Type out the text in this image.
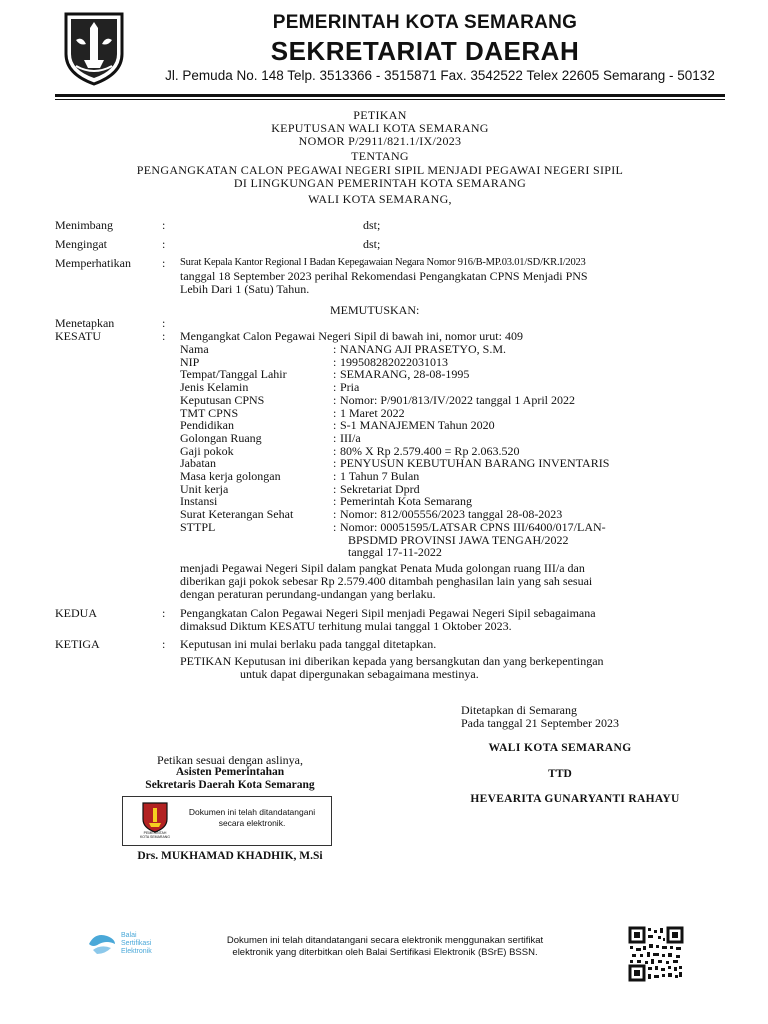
PEMERINTAH KOTA SEMARANG
SEKRETARIAT DAERAH
Jl. Pemuda No. 148 Telp. 3513366 - 3515871 Fax. 3542522 Telex 22605 Semarang - 50132
PETIKAN
KEPUTUSAN WALI KOTA SEMARANG
NOMOR P/2911/821.1/IX/2023
TENTANG
PENGANGKATAN CALON PEGAWAI NEGERI SIPIL MENJADI PEGAWAI NEGERI SIPIL
DI LINGKUNGAN PEMERINTAH KOTA SEMARANG
WALI KOTA SEMARANG,
Menimbang	:	dst;
Mengingat	:	dst;
Memperhatikan	: Surat Kepala Kantor Regional I Badan Kepegawaian Negara Nomor 916/B-MP.03.01/SD/KR.I/2023
tanggal 18 September 2023 perihal Rekomendasi Pengangkatan CPNS Menjadi PNS
Lebih Dari 1 (Satu) Tahun.
MEMUTUSKAN:
Menetapkan	:
KESATU	: Mengangkat Calon Pegawai Negeri Sipil di bawah ini, nomor urut: 409
Nama	: NANANG AJI PRASETYO, S.M.
NIP	: 199508282022031013
Tempat/Tanggal Lahir	: SEMARANG, 28-08-1995
Jenis Kelamin	: Pria
Keputusan CPNS	: Nomor: P/901/813/IV/2022 tanggal 1 April 2022
TMT CPNS	: 1 Maret 2022
Pendidikan	: S-1 MANAJEMEN Tahun 2020
Golongan Ruang	: III/a
Gaji pokok	: 80% X Rp 2.579.400 = Rp 2.063.520
Jabatan	: PENYUSUN KEBUTUHAN BARANG INVENTARIS
Masa kerja golongan	: 1 Tahun 7 Bulan
Unit kerja	: Sekretariat Dprd
Instansi	: Pemerintah Kota Semarang
Surat Keterangan Sehat	: Nomor: 812/005556/2023 tanggal 28-08-2023
STTPL	: Nomor: 00051595/LATSAR CPNS III/6400/017/LAN-
BPSDMD PROVINSI JAWA TENGAH/2022
tanggal 17-11-2022
menjadi Pegawai Negeri Sipil dalam pangkat Penata Muda golongan ruang III/a dan
diberikan gaji pokok sebesar Rp 2.579.400 ditambah penghasilan lain yang sah sesuai
dengan peraturan perundang-undangan yang berlaku.
KEDUA	: Pengangkatan Calon Pegawai Negeri Sipil menjadi Pegawai Negeri Sipil sebagaimana
dimaksud Diktum KESATU terhitung mulai tanggal 1 Oktober 2023.
KETIGA	: Keputusan ini mulai berlaku pada tanggal ditetapkan.
PETIKAN Keputusan ini diberikan kepada yang bersangkutan dan yang berkepentingan
untuk dapat dipergunakan sebagaimana mestinya.
Ditetapkan di Semarang
Pada tanggal 21 September 2023
WALI KOTA SEMARANG
TTD
HEVEARITA GUNARYANTI RAHAYU
Petikan sesuai dengan aslinya,
Asisten Pemerintahan
Sekretaris Daerah Kota Semarang
PEMERINTAH
KOTA SEMARANG
Dokumen ini telah ditandatangani
secara elektronik.
Drs. MUKHAMAD KHADHIK, M.Si
Balai
Sertifikasi
Elektronik
Dokumen ini telah ditandatangani secara elektronik menggunakan sertifikat
elektronik yang diterbitkan oleh Balai Sertifikasi Elektronik (BSrE) BSSN.
